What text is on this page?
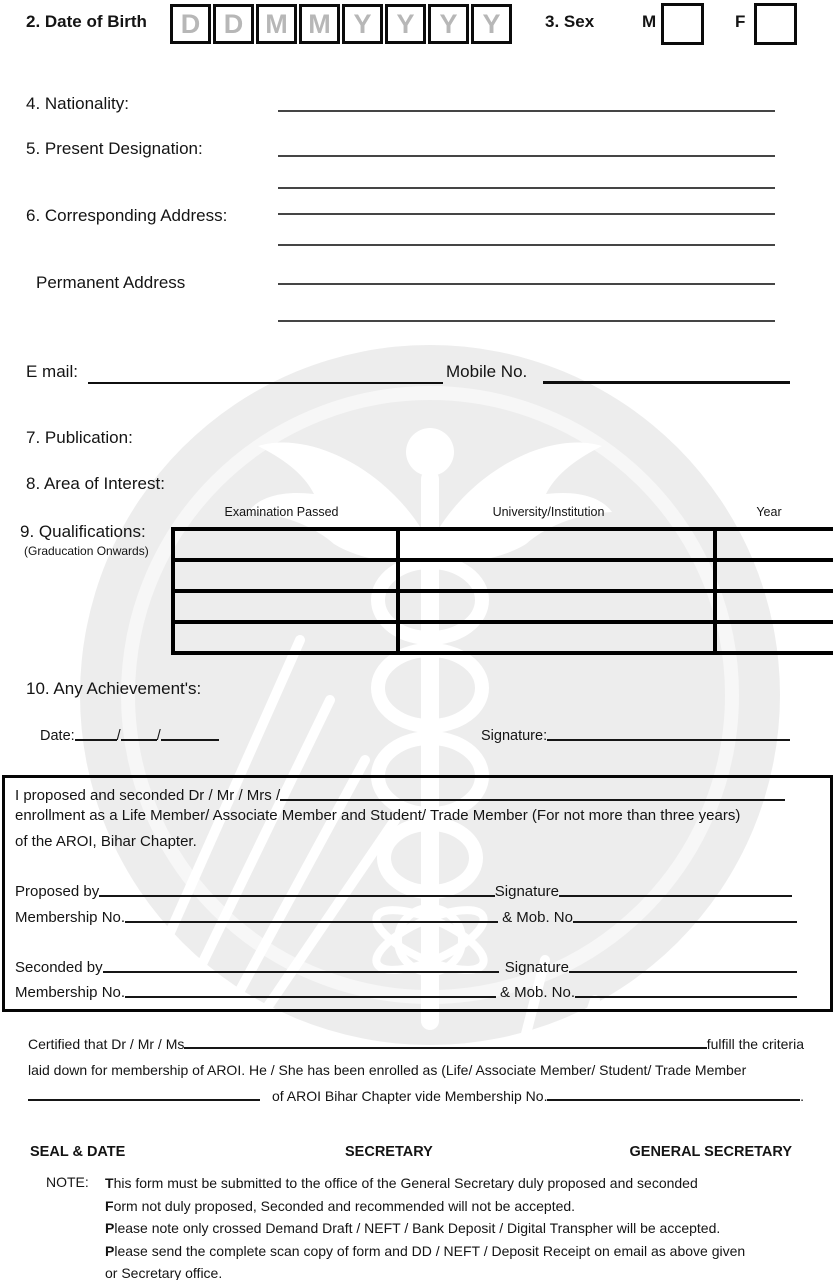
2. Date of Birth	D D M M Y Y Y Y	3. Sex	M	F
4. Nationality:
5. Present Designation:
6. Corresponding Address:
Permanent Address
E mail:	Mobile No.
7. Publication:
8. Area of Interest:
Examination Passed	University/Institution	Year
9. Qualifications:
(Graducation Onwards)

10. Any Achievement's:
Date:	/ /	Signature:
I proposed and seconded Dr / Mr / Mrs /
enrollment as a Life Member/ Associate Member and Student/ Trade Member (For not more than three years)
of the AROI, Bihar Chapter.
Proposed by	Signature
Membership No.	& Mob. No
Seconded by	Signature
Membership No.	& Mob. No.
Certified that Dr / Mr / Ms	fulfill the criteria
laid down for membership of AROI. He / She has been enrolled as (Life/ Associate Member/ Student/ Trade Member
of AROI Bihar Chapter vide Membership No.	.
SEAL & DATE	SECRETARY	GENERAL SECRETARY
NOTE: This form must be submitted to the office of the General Secretary duly proposed and seconded
Form not duly proposed, Seconded and recommended will not be accepted.
Please note only crossed Demand Draft / NEFT / Bank Deposit / Digital Transpher will be accepted.
Please send the complete scan copy of form and DD / NEFT / Deposit Receipt on email as above given
or Secretary office.
